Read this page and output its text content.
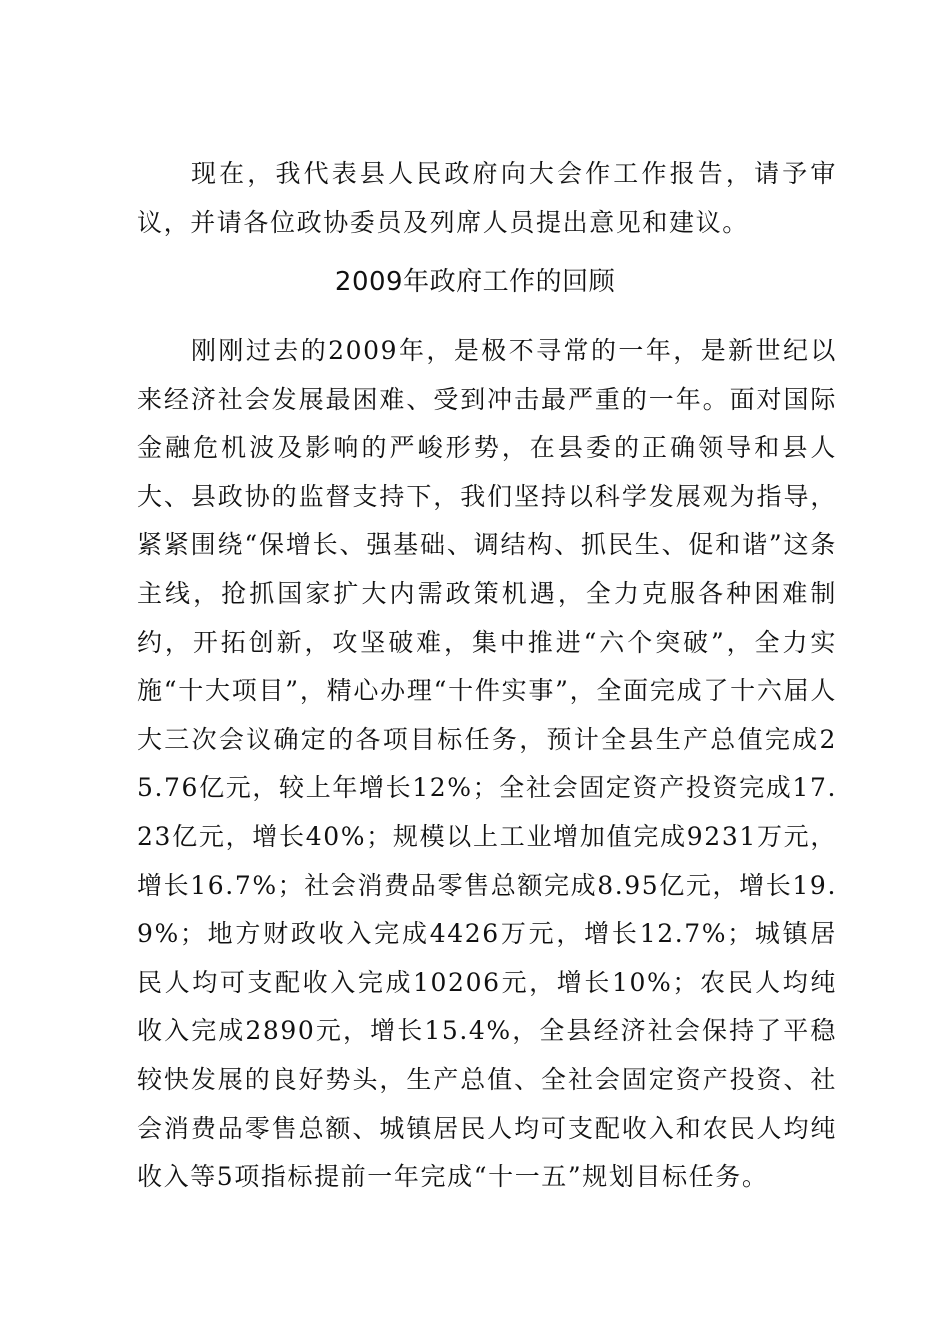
现在，我代表县人民政府向大会作工作报告，请予审议，并请各位政协委员及列席人员提出意见和建议。

2009年政府工作的回顾

刚刚过去的2009年，是极不寻常的一年，是新世纪以来经济社会发展最困难、受到冲击最严重的一年。面对国际金融危机波及影响的严峻形势，在县委的正确领导和县人大、县政协的监督支持下，我们坚持以科学发展观为指导，紧紧围绕“保增长、强基础、调结构、抓民生、促和谐”这条主线，抢抓国家扩大内需政策机遇，全力克服各种困难制约，开拓创新，攻坚破难，集中推进“六个突破”，全力实施“十大项目”，精心办理“十件实事”，全面完成了十六届人大三次会议确定的各项目标任务，预计全县生产总值完成25.76亿元，较上年增长12%；全社会固定资产投资完成17.23亿元，增长40%；规模以上工业增加值完成9231万元，增长16.7%；社会消费品零售总额完成8.95亿元，增长19.9%；地方财政收入完成4426万元，增长12.7%；城镇居民人均可支配收入完成10206元，增长10%；农民人均纯收入完成2890元，增长15.4%，全县经济社会保持了平稳较快发展的良好势头，生产总值、全社会固定资产投资、社会消费品零售总额、城镇居民人均可支配收入和农民人均纯收入等5项指标提前一年完成“十一五”规划目标任务。
